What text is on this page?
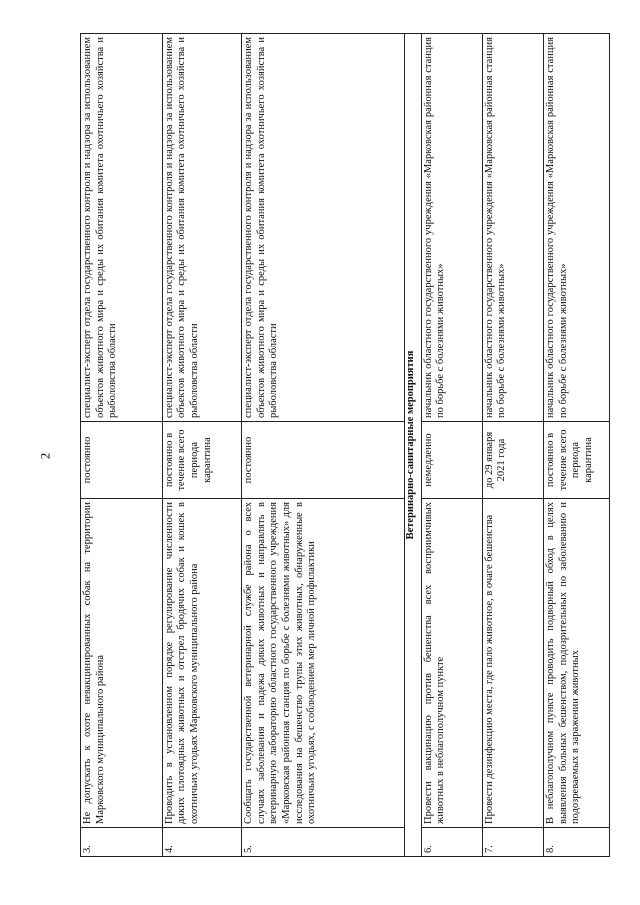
2
3.	Не допускать к охоте невакцинированных собак на территории Марковского муниципального района	постоянно	специалист-эксперт отдела государственного контроля и надзора за использованием объектов животного мира и среды их обитания комитета охотничьего хозяйства и рыболовства области
4.	Проводить в установленном порядке регулирование численности диких плотоядных животных и отстрел бродячих собак и кошек в охотничьих угодьях Марковского муниципального района	постоянно в течение всего периода карантина	специалист-эксперт отдела государственного контроля и надзора за использованием объектов животного мира и среды их обитания комитета охотничьего хозяйства и рыболовства области
5.	Сообщать государственной ветеринарной службе района о всех случаях заболевания и падежа диких животных и направлять в ветеринарную лабораторию областного государственного учреждения «Марковская районная станция по борьбе с болезнями животных» для исследования на бешенство трупы этих животных, обнаруженные в охотничьих угодьях, с соблюдением мер личной профилактики	постоянно	специалист-эксперт отдела государственного контроля и надзора за использованием объектов животного мира и среды их обитания комитета охотничьего хозяйства и рыболовства области
Ветеринарно-санитарные мероприятия			
6.	Провести вакцинацию против бешенства всех восприимчивых животных в неблагополучном пункте	немедленно	начальник областного государственного учреждения «Марковская районная станция по борьбе с болезнями животных»
7.	Провести дезинфекцию места, где пало животное, в очаге бешенства	до 29 января 2021 года	начальник областного государственного учреждения «Марковская районная станция по борьбе с болезнями животных»
8.	В неблагополучном пункте проводить подворный обход в целях выявления больных бешенством, подозрительных по заболеванию и подозреваемых в заражении животных	постоянно в течение всего периода карантина	начальник областного государственного учреждения «Марковская районная станция по борьбе с болезнями животных»
